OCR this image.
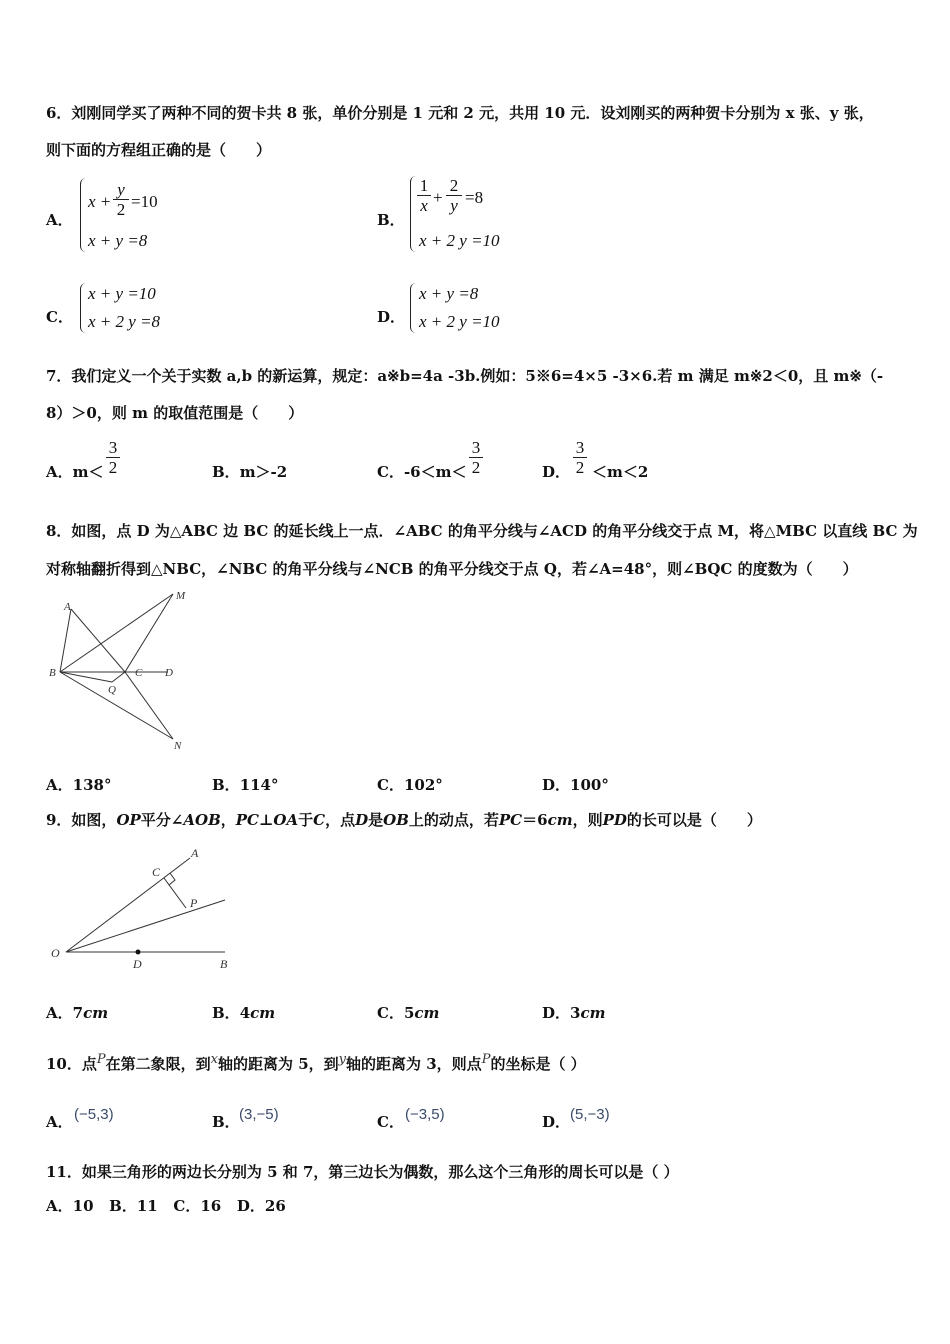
6．刘刚同学买了两种不同的贺卡共 8 张，单价分别是 1 元和 2 元，共用 10 元．设刘刚买的两种贺卡分别为 x 张、y 张，
则下面的方程组正确的是（　　）
A．
x +
y
2 =10
x + y =8
B．
1
x +
2
y =8
x + 2 y =10
C．
x + y =10
x + 2 y =8	D．
x + y =8
x + 2 y =10
7．我们定义一个关于实数 a,b 的新运算，规定：a※b=4a -3b.例如：5※6=4×5 -3×6.若 m 满足 m※2＜0，且 m※（-
8）＞0，则 m 的取值范围是（　　）
A．m＜
3
2	B．m＞-2	C．-6＜m＜
3
2	D．
3
2 ＜m＜2
8．如图，点 D 为△ABC 边 BC 的延长线上一点．∠ABC 的角平分线与∠ACD 的角平分线交于点 M，将△MBC 以直线 BC 为
对称轴翻折得到△NBC，∠NBC 的角平分线与∠NCB 的角平分线交于点 Q，若∠A=48°，则∠BQC 的度数为（　　）
A
M
B	C D
Q
N
A．138°	B．114°	C．102°	D．100°
9．如图，OP平分∠AOB，PC⊥OA于C，点D是OB上的动点，若PC＝6cm，则PD的长可以是（　　）
A
C
P
O
D	B
A．7cm	B．4cm	C．5cm	D．3cm
10．点P在第二象限，到x轴的距离为 5，到y轴的距离为 3，则点P的坐标是（ ）
A． (−5,3)	B． (3,−5)	C． (−3,5)	D． (5,−3)
11．如果三角形的两边长分别为 5 和 7，第三边长为偶数，那么这个三角形的周长可以是（ ）
A．10   B．11   C．16   D．26
